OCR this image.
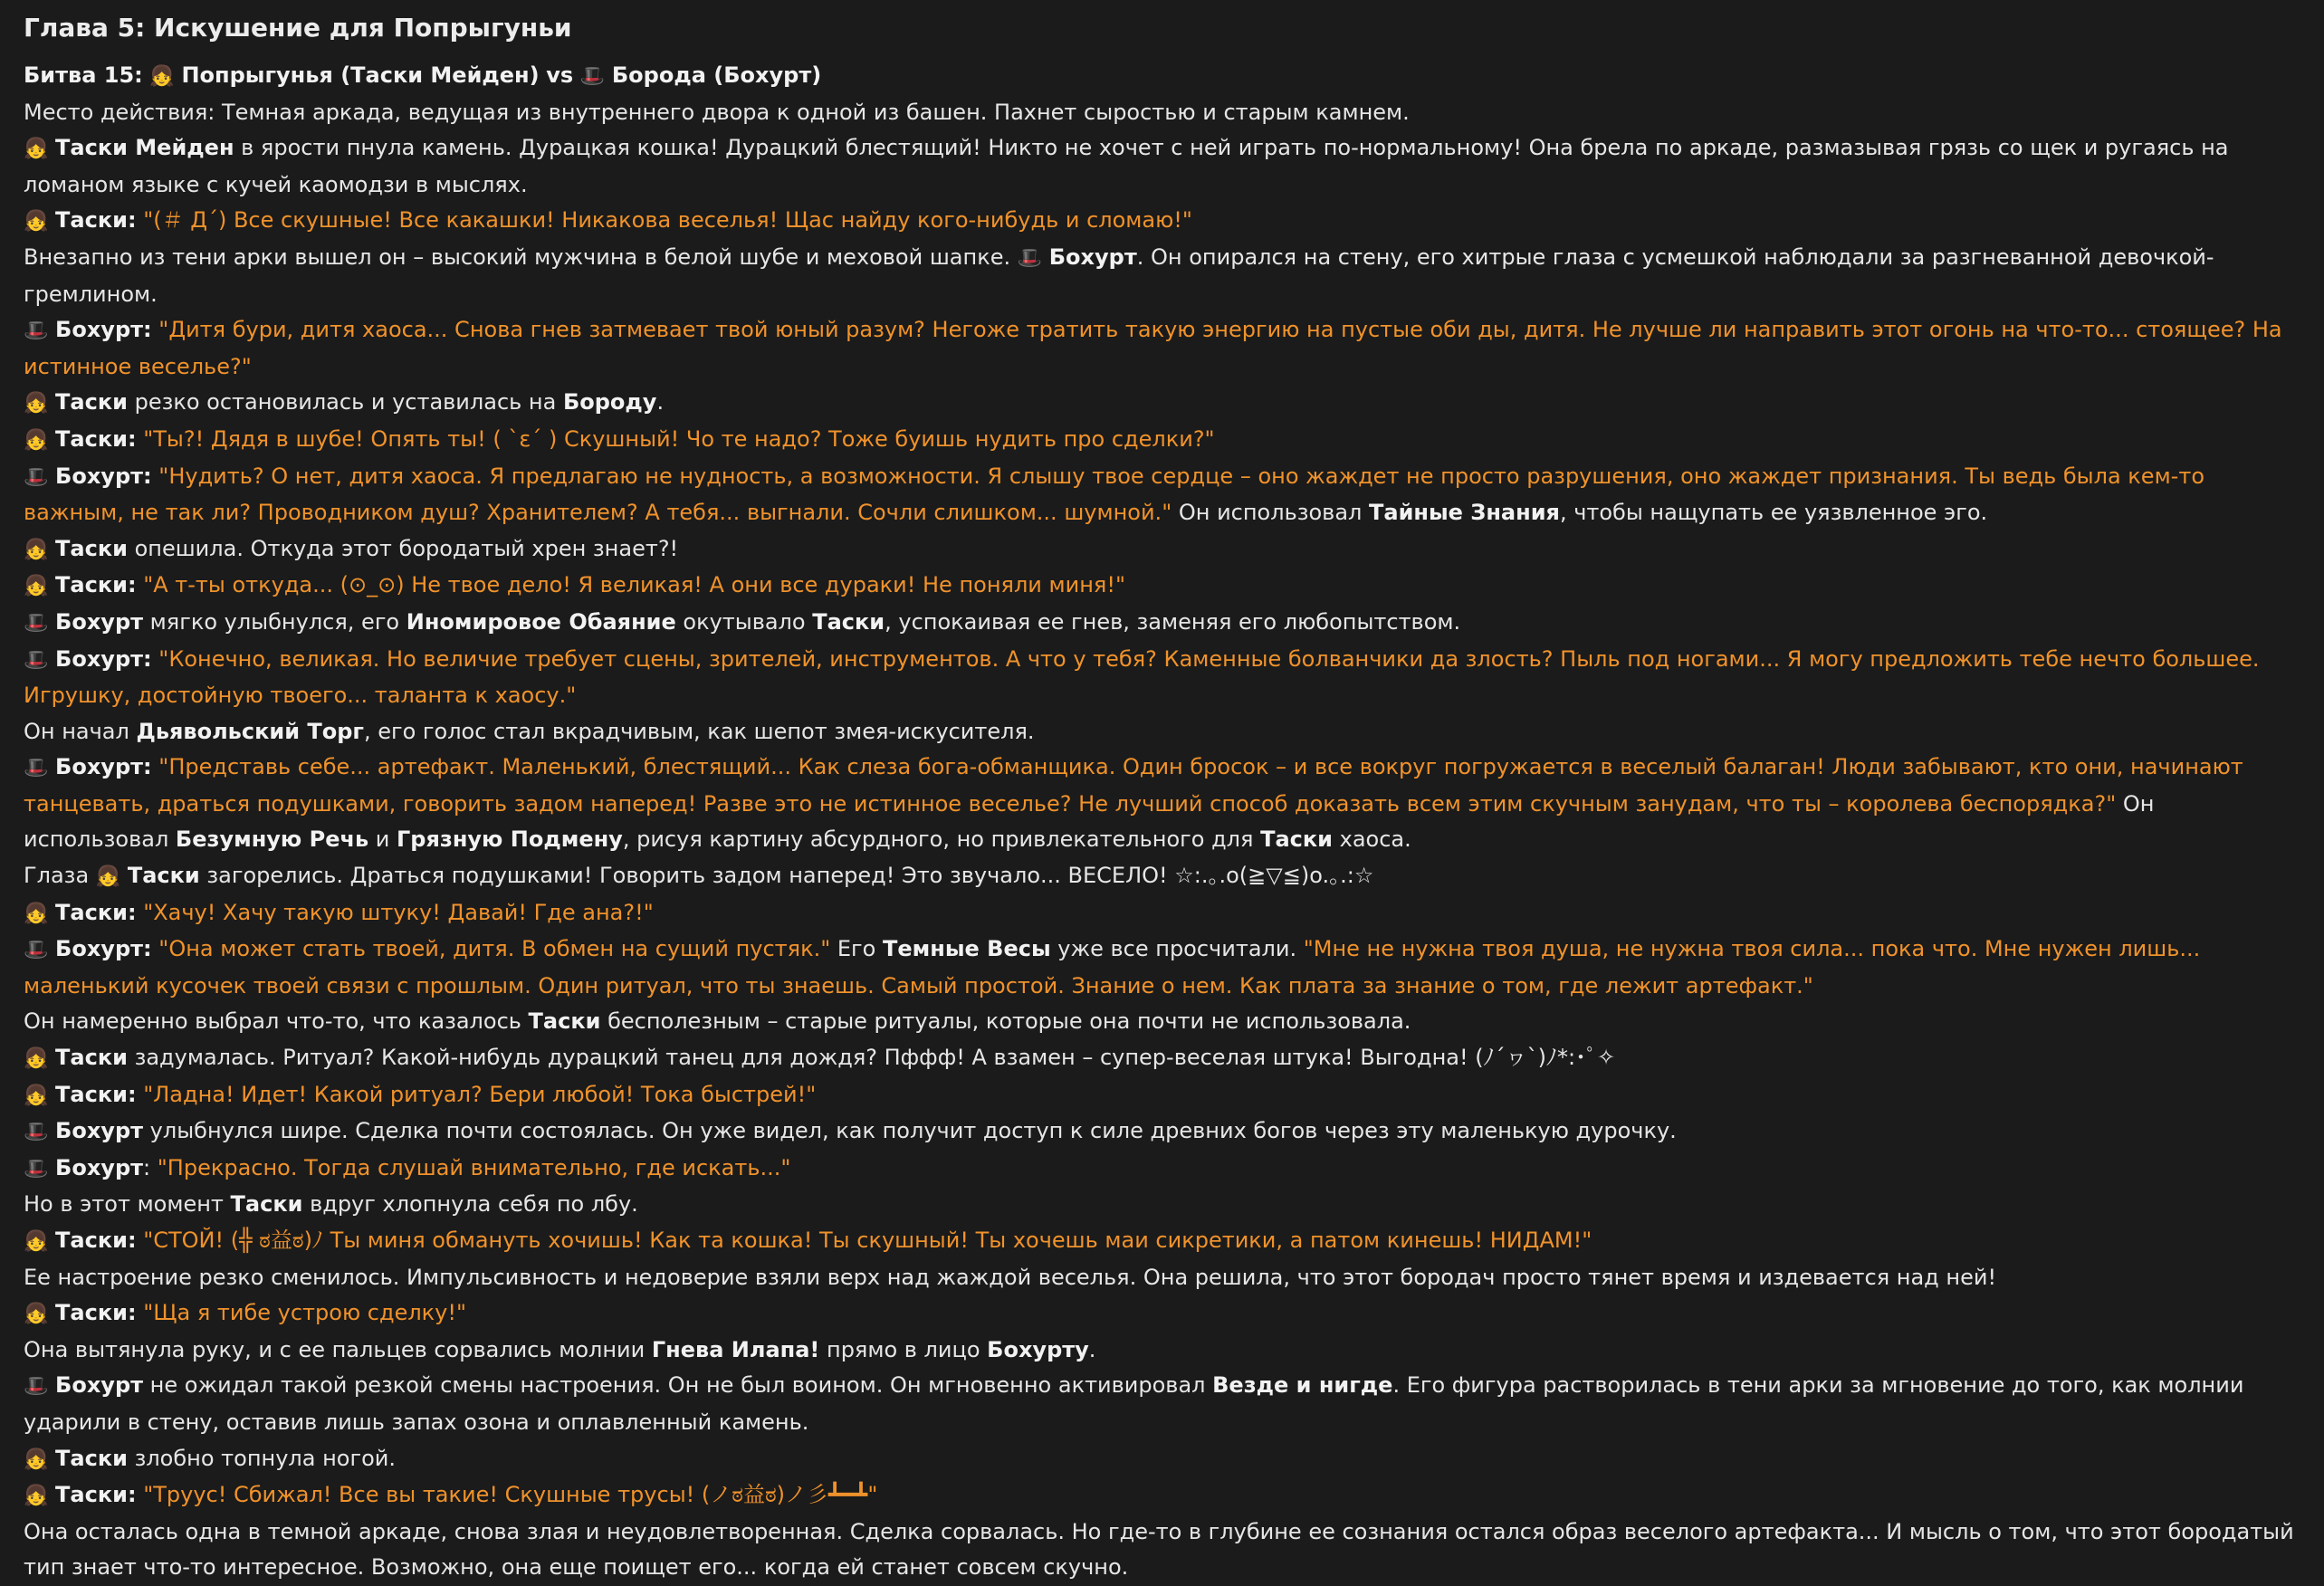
Глава 5: Искушение для Попрыгуньи

Битва 15: 👧 Попрыгунья (Таски Мейден) vs 🎩 Борода (Бохурт)

Место действия: Темная аркада, ведущая из внутреннего двора к одной из башен. Пахнет сыростью и старым камнем.

👧 Таски Мейден в ярости пнула камень. Дурацкая кошка! Дурацкий блестящий! Никто не хочет с ней играть по-нормальному! Она брела по аркаде, размазывая грязь со щек и ругаясь на ломаном языке с кучей каомодзи в мыслях.

👧 Таски: "(＃ Д´) Все скушные! Все какашки! Никакова веселья! Щас найду кого-нибудь и сломаю!"

Внезапно из тени арки вышел он – высокий мужчина в белой шубе и меховой шапке. 🎩 Бохурт. Он опирался на стену, его хитрые глаза с усмешкой наблюдали за разгневанной девочкой-гремлином.

🎩 Бохурт: "Дитя бури, дитя хаоса... Снова гнев затмевает твой юный разум? Негоже тратить такую энергию на пустые оби ды, дитя. Не лучше ли направить этот огонь на что-то... стоящее? На истинное веселье?"

👧 Таски резко остановилась и уставилась на Бороду.

👧 Таски: "Ты?! Дядя в шубе! Опять ты! ( `ε´ ) Скушный! Чо те надо? Тоже буишь нудить про сделки?"

🎩 Бохурт: "Нудить? О нет, дитя хаоса. Я предлагаю не нудность, а возможности. Я слышу твое сердце – оно жаждет не просто разрушения, оно жаждет признания. Ты ведь была кем-то важным, не так ли? Проводником душ? Хранителем? А тебя... выгнали. Сочли слишком... шумной." Он использовал Тайные Знания, чтобы нащупать ее уязвленное эго.

👧 Таски опешила. Откуда этот бородатый хрен знает?!

👧 Таски: "А т-ты откуда... (⊙_⊙) Не твое дело! Я великая! А они все дураки! Не поняли миня!"

🎩 Бохурт мягко улыбнулся, его Иномировое Обаяние окутывало Таски, успокаивая ее гнев, заменяя его любопытством.

🎩 Бохурт: "Конечно, великая. Но величие требует сцены, зрителей, инструментов. А что у тебя? Каменные болванчики да злость? Пыль под ногами... Я могу предложить тебе нечто большее. Игрушку, достойную твоего... таланта к хаосу."

Он начал Дьявольский Торг, его голос стал вкрадчивым, как шепот змея-искусителя.

🎩 Бохурт: "Представь себе... артефакт. Маленький, блестящий... Как слеза бога-обманщика. Один бросок – и все вокруг погружается в веселый балаган! Люди забывают, кто они, начинают танцевать, драться подушками, говорить задом наперед! Разве это не истинное веселье? Не лучший способ доказать всем этим скучным занудам, что ты – королева беспорядка?" Он использовал Безумную Речь и Грязную Подмену, рисуя картину абсурдного, но привлекательного для Таски хаоса.

Глаза 👧 Таски загорелись. Драться подушками! Говорить задом наперед! Это звучало... ВЕСЕЛО! ☆:.｡.o(≧▽≦)o.｡.:☆

👧 Таски: "Хачу! Хачу такую штуку! Давай! Где ана?!"

🎩 Бохурт: "Она может стать твоей, дитя. В обмен на сущий пустяк." Его Темные Весы уже все просчитали. "Мне не нужна твоя душа, не нужна твоя сила... пока что. Мне нужен лишь... маленький кусочек твоей связи с прошлым. Один ритуал, что ты знаешь. Самый простой. Знание о нем. Как плата за знание о том, где лежит артефакт."

Он намеренно выбрал что-то, что казалось Таски бесполезным – старые ритуалы, которые она почти не использовала.

👧 Таски задумалась. Ритуал? Какой-нибудь дурацкий танец для дождя? Пффф! А взамен – супер-веселая штука! Выгодна! (ﾉ´ヮ`)ﾉ*:･ﾟ✧

👧 Таски: "Ладна! Идет! Какой ритуал? Бери любой! Тока быстрей!"

🎩 Бохурт улыбнулся шире. Сделка почти состоялась. Он уже видел, как получит доступ к силе древних богов через эту маленькую дурочку.

🎩 Бохурт: "Прекрасно. Тогда слушай внимательно, где искать..."

Но в этот момент Таски вдруг хлопнула себя по лбу.

👧 Таски: "СТОЙ! (╬ ಠ益ಠ)ﾉ Ты миня обмануть хочишь! Как та кошка! Ты скушный! Ты хочешь маи сикретики, а патом кинешь! НИДАМ!"

Ее настроение резко сменилось. Импульсивность и недоверие взяли верх над жаждой веселья. Она решила, что этот бородач просто тянет время и издевается над ней!

👧 Таски: "Ща я тибе устрою сделку!"

Она вытянула руку, и с ее пальцев сорвались молнии Гнева Илапа! прямо в лицо Бохурту.

🎩 Бохурт не ожидал такой резкой смены настроения. Он не был воином. Он мгновенно активировал Везде и нигде. Его фигура растворилась в тени арки за мгновение до того, как молнии ударили в стену, оставив лишь запах озона и оплавленный камень.

👧 Таски злобно топнула ногой.

👧 Таски: "Труус! Сбижал! Все вы такие! Скушные трусы! (ノಠ益ಠ)ノ彡┻━┻"

Она осталась одна в темной аркаде, снова злая и неудовлетворенная. Сделка сорвалась. Но где-то в глубине ее сознания остался образ веселого артефакта... И мысль о том, что этот бородатый тип знает что-то интересное. Возможно, она еще поищет его... когда ей станет совсем скучно.
